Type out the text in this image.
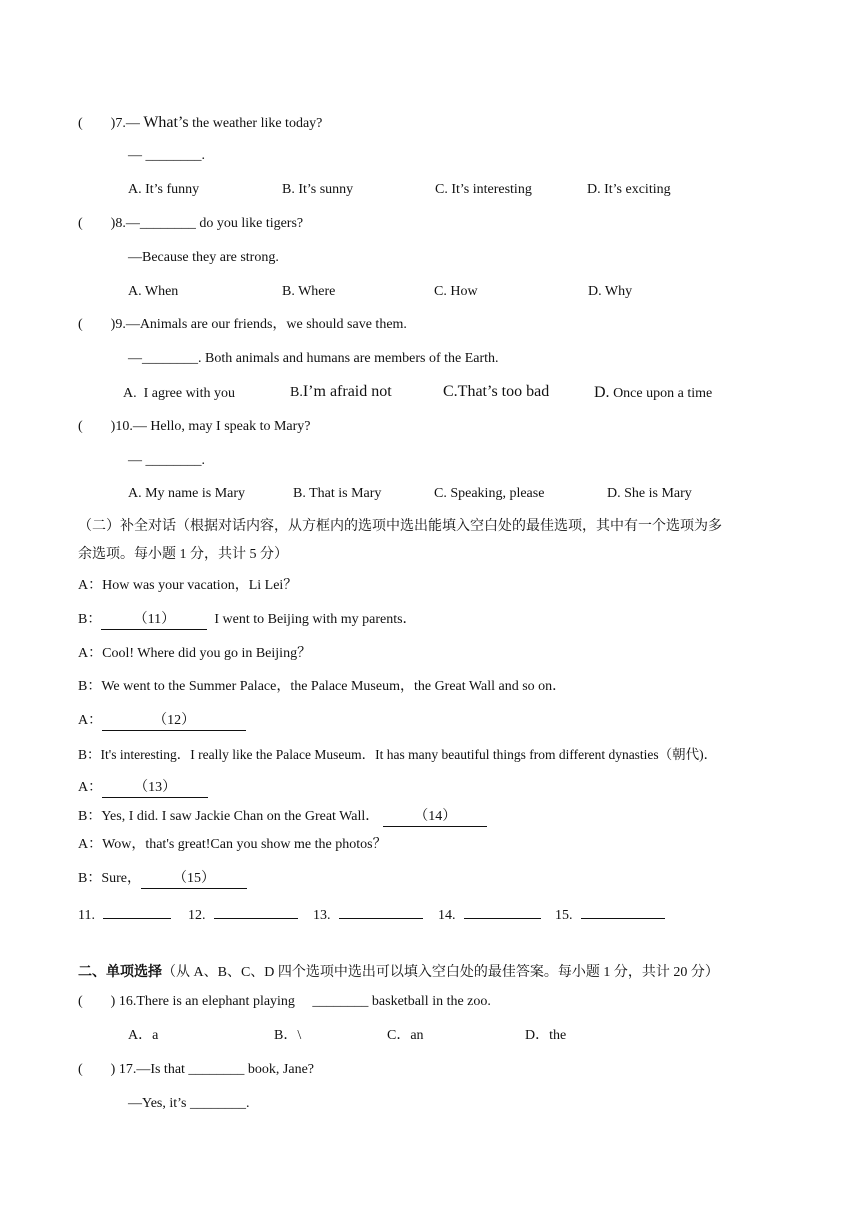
(        )7.— What’s the weather like today?
— ________.
A. It’s funny	B. It’s sunny	C. It’s interesting	D. It’s exciting
(        )8.—________ do you like tigers?
—Because they are strong.
A. When	B. Where	C. How	D. Why
(        )9.—Animals are our friends，we should save them.
—________. Both animals and humans are members of the Earth.
A.  I agree with you	B.I’m afraid not	C.That’s too bad	D. Once upon a time
(        )10.— Hello, may I speak to Mary?
— ________.
A. My name is Mary	B. That is Mary	C. Speaking, please	D. She is Mary
（二）补全对话（根据对话内容，从方框内的选项中选出能填入空白处的最佳选项，其中有一个选项为多
余选项。每小题 1 分，共计 5 分）
A：How was your vacation，Li Lei？
B： （11）  I went to Beijing with my parents．
A：Cool! Where did you go in Beijing？
B：We went to the Summer Palace，the Palace Museum，the Great Wall and so on．
A：	（12）
B：It's interesting．I really like the Palace Museum．It has many beautiful things from different dynasties（朝代)．
A： （13）
B：Yes, I did. I saw Jackie Chan on the Great Wall．	（14）
A：Wow，that's great!Can you show me the photos？
B：Sure， （15）
11.	12.	13.	14.	15.
二、单项选择（从 A、B、C、D 四个选项中选出可以填入空白处的最佳答案。每小题 1 分，共计 20 分）
(        ) 16.There is an elephant playing     ________ basketball in the zoo.
A．a	B．\	C．an	D．the
(        ) 17.—Is that ________ book, Jane?
—Yes, it’s ________.
